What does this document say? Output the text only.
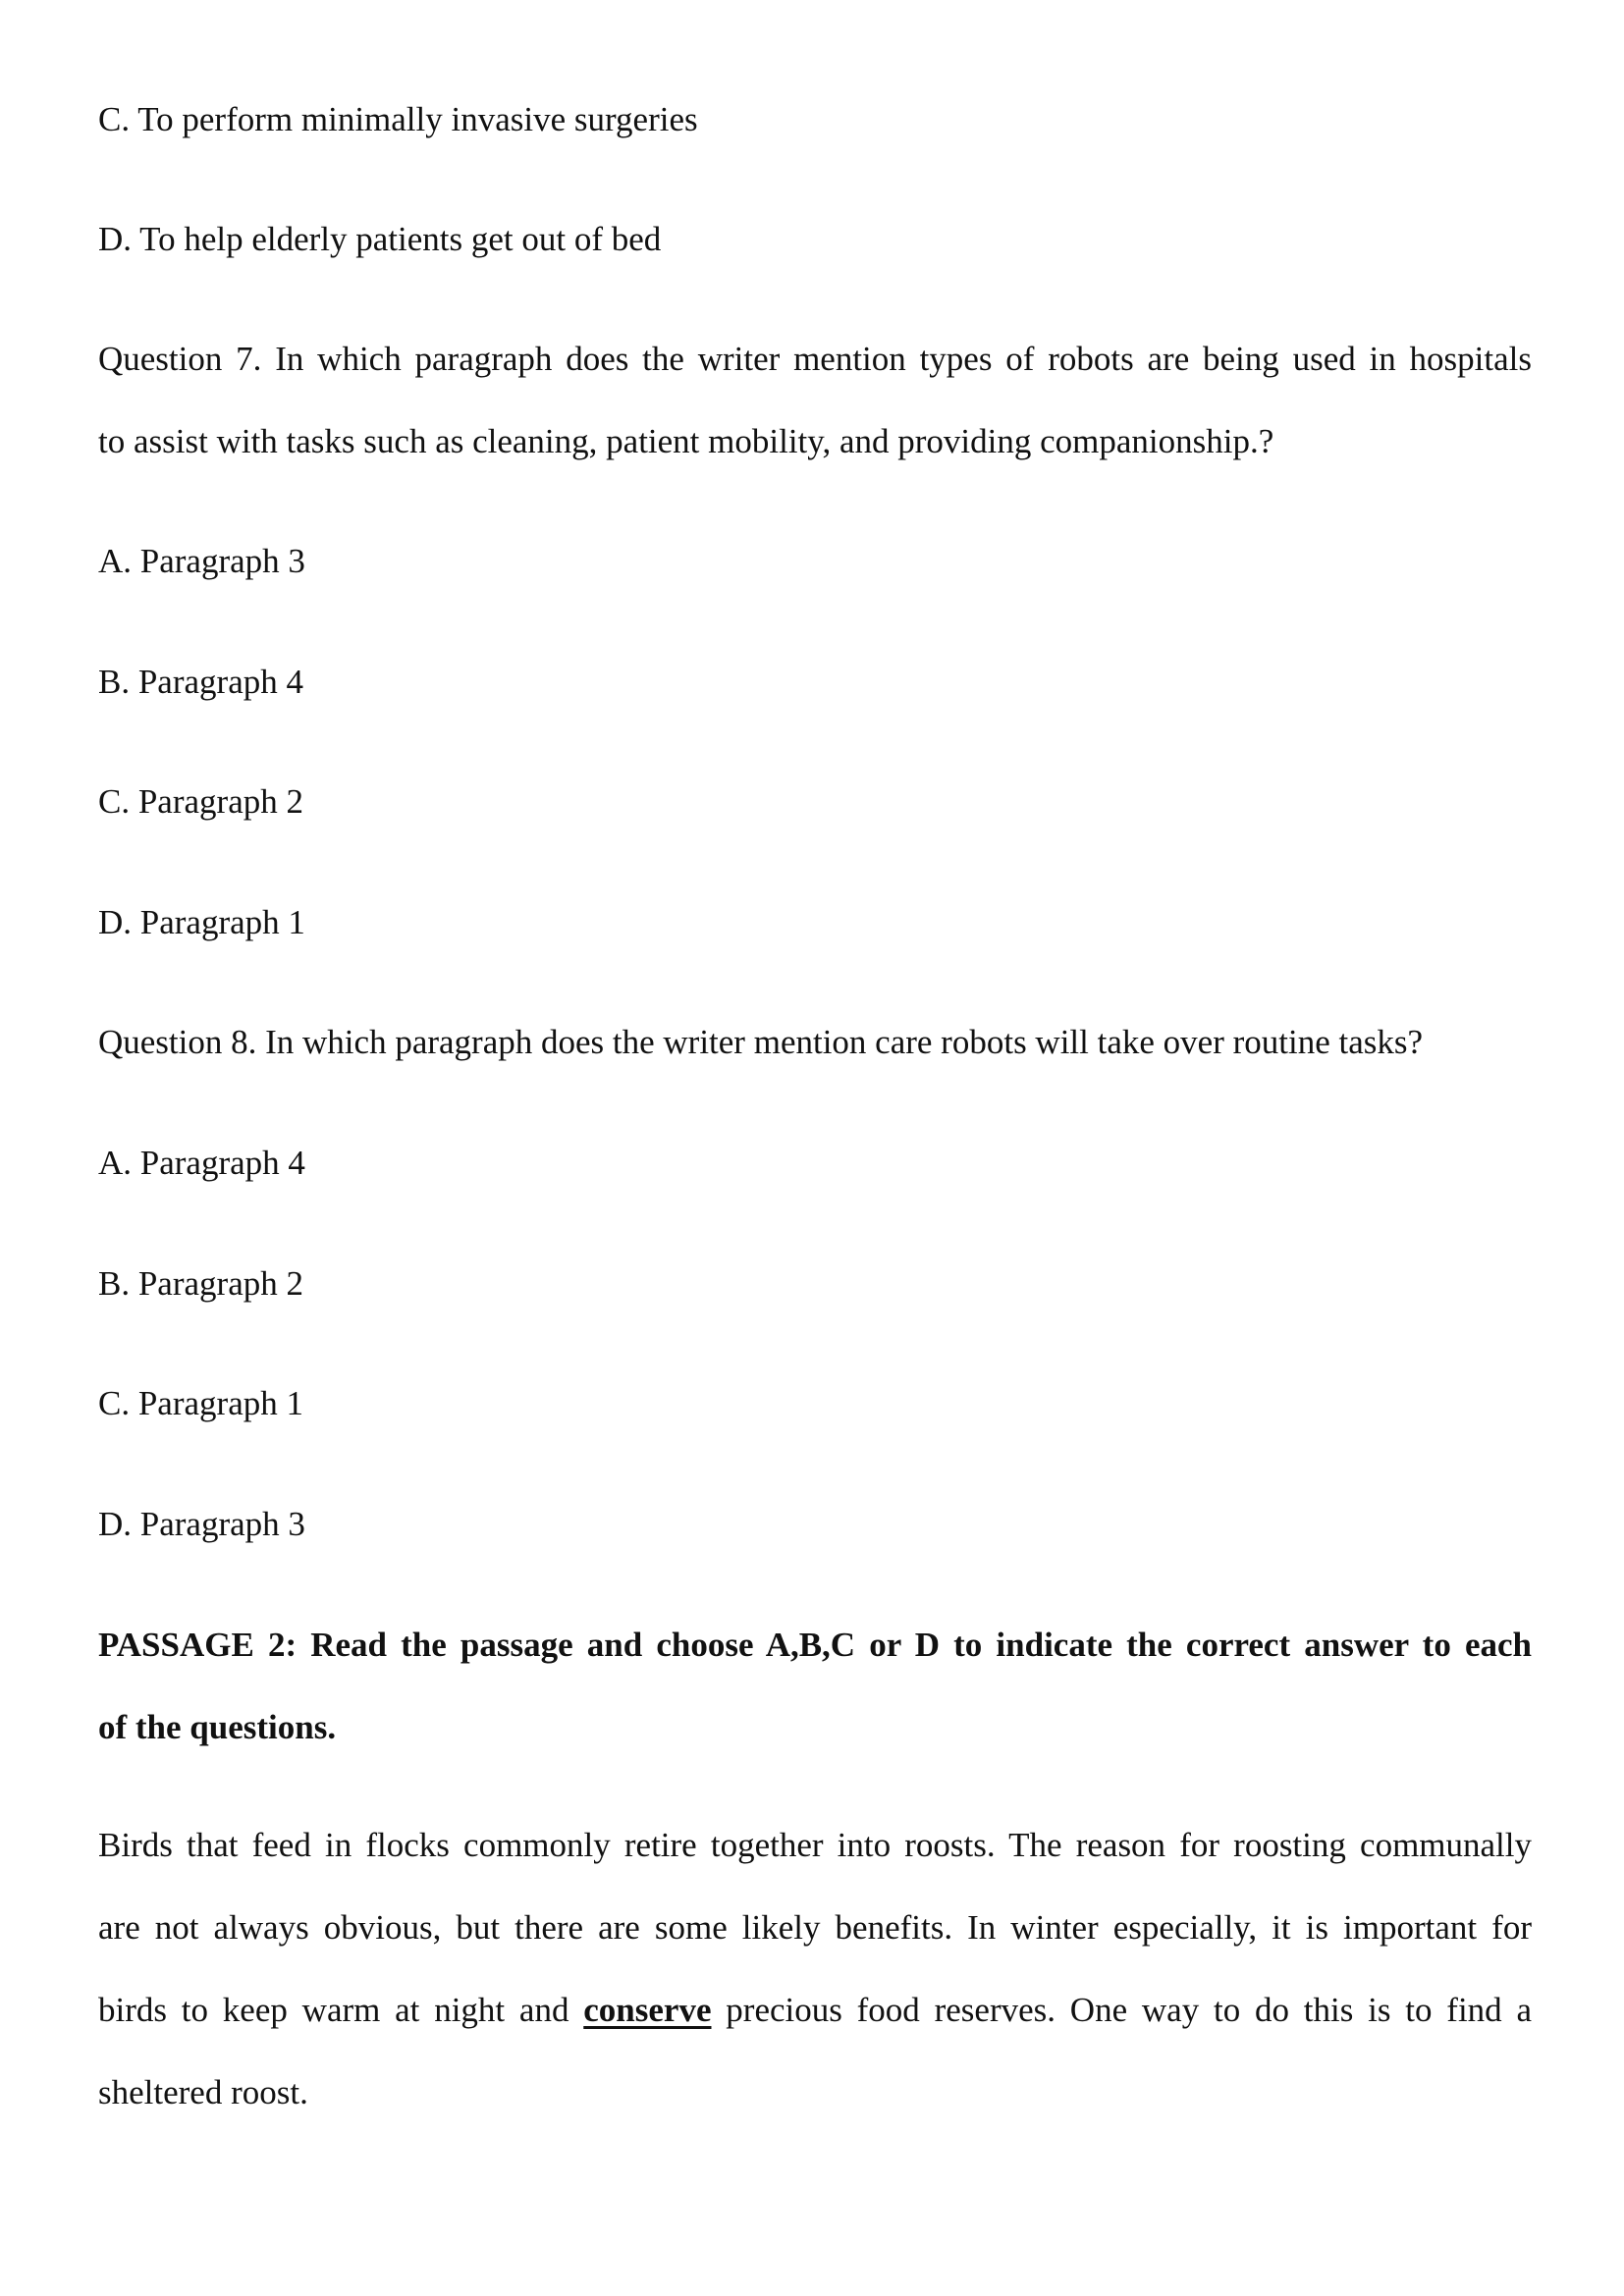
C. To perform minimally invasive surgeries

D. To help elderly patients get out of bed

Question 7. In which paragraph does the writer mention types of robots are being used in hospitals

to assist with tasks such as cleaning, patient mobility, and providing companionship.?

A. Paragraph 3

B. Paragraph 4

C. Paragraph 2

D. Paragraph 1

Question 8. In which paragraph does the writer mention care robots will take over routine tasks?

A. Paragraph 4

B. Paragraph 2

C. Paragraph 1

D. Paragraph 3

PASSAGE 2: Read the passage and choose A,B,C or D to indicate the correct answer to each

of the questions.

Birds that feed in flocks commonly retire together into roosts. The reason for roosting communally

are not always obvious, but there are some likely benefits. In winter especially, it is important for

birds to keep warm at night and conserve precious food reserves. One way to do this is to find a

sheltered roost.
